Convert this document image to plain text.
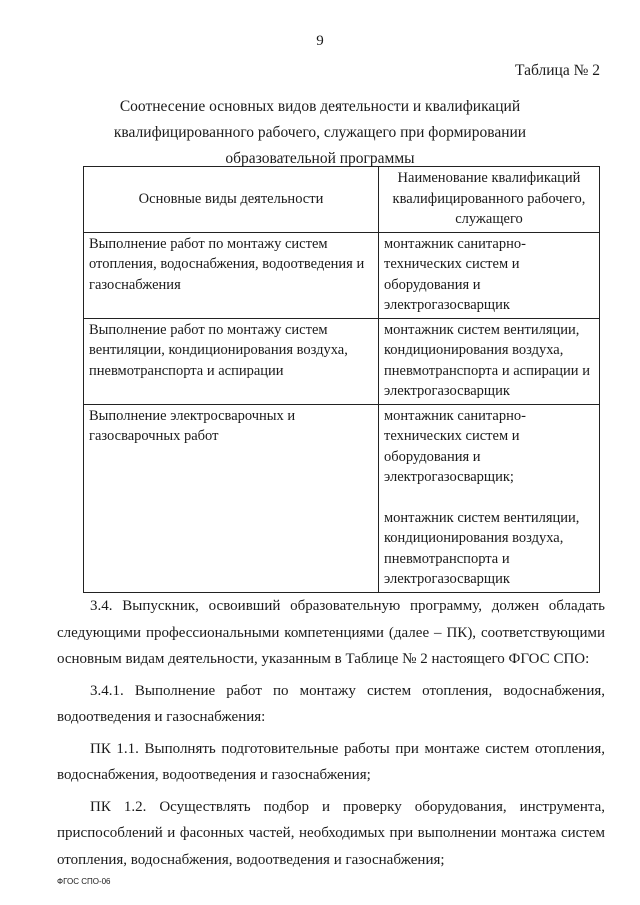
9
Таблица № 2
Соотнесение основных видов деятельности и квалификаций квалифицированного рабочего, служащего при формировании образовательной программы
Основные виды деятельности	Наименование квалификаций квалифицированного рабочего, служащего
Выполнение работ по монтажу систем отопления, водоснабжения, водоотведения и газоснабжения	монтажник санитарно-технических систем и оборудования и электрогазосварщик
Выполнение работ по монтажу систем вентиляции, кондиционирования воздуха, пневмотранспорта и аспирации	монтажник систем вентиляции, кондиционирования воздуха, пневмотранспорта и аспирации и электрогазосварщик
Выполнение электросварочных и газосварочных работ	монтажник санитарно-технических систем и оборудования и электрогазосварщик;
монтажник систем вентиляции, кондиционирования воздуха, пневмотранспорта и электрогазосварщик

3.4. Выпускник, освоивший образовательную программу, должен обладать следующими профессиональными компетенциями (далее – ПК), соответствующими основным видам деятельности, указанным в Таблице № 2 настоящего ФГОС СПО:

3.4.1. Выполнение работ по монтажу систем отопления, водоснабжения, водоотведения и газоснабжения:

ПК 1.1. Выполнять подготовительные работы при монтаже систем отопления, водоснабжения, водоотведения и газоснабжения;

ПК 1.2. Осуществлять подбор и проверку оборудования, инструмента, приспособлений и фасонных частей, необходимых при выполнении монтажа систем отопления, водоснабжения, водоотведения и газоснабжения;

ФГОС СПО-06
